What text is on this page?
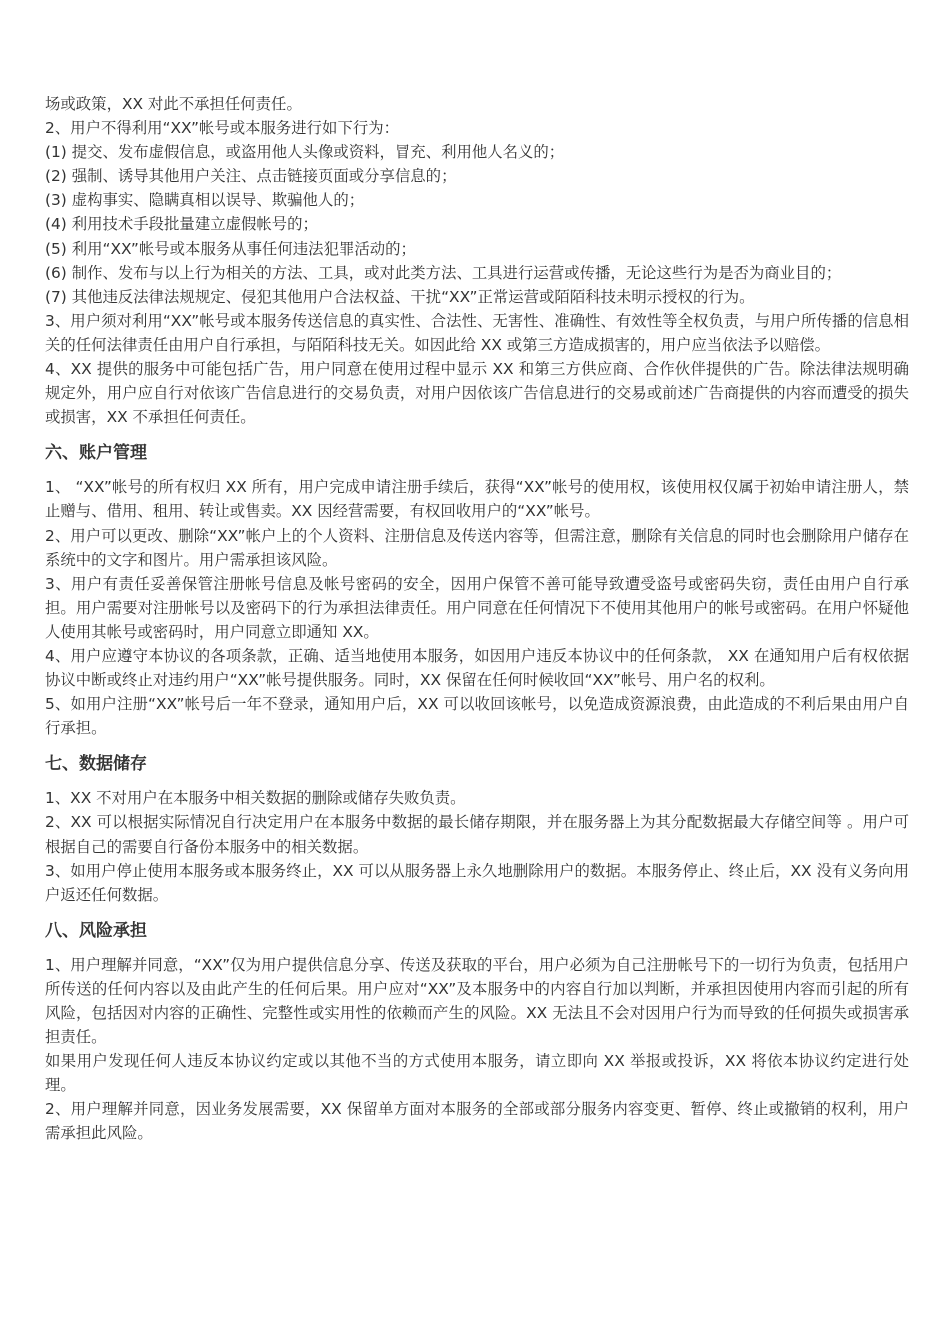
场或政策，XX 对此不承担任何责任。

2、用户不得利用“XX”帐号或本服务进行如下行为：

(1) 提交、发布虚假信息，或盗用他人头像或资料，冒充、利用他人名义的；

(2) 强制、诱导其他用户关注、点击链接页面或分享信息的；

(3) 虚构事实、隐瞒真相以误导、欺骗他人的；

(4) 利用技术手段批量建立虚假帐号的；

(5) 利用“XX”帐号或本服务从事任何违法犯罪活动的；

(6) 制作、发布与以上行为相关的方法、工具，或对此类方法、工具进行运营或传播，无论这些行为是否为商业目的；

(7) 其他违反法律法规规定、侵犯其他用户合法权益、干扰“XX”正常运营或陌陌科技未明示授权的行为。

3、用户须对利用“XX”帐号或本服务传送信息的真实性、合法性、无害性、准确性、有效性等全权负责，与用户所传播的信息相关的任何法律责任由用户自行承担，与陌陌科技无关。如因此给 XX 或第三方造成损害的，用户应当依法予以赔偿。

4、XX 提供的服务中可能包括广告，用户同意在使用过程中显示 XX 和第三方供应商、合作伙伴提供的广告。除法律法规明确规定外，用户应自行对依该广告信息进行的交易负责，对用户因依该广告信息进行的交易或前述广告商提供的内容而遭受的损失或损害，XX 不承担任何责任。

六、账户管理

1、 “XX”帐号的所有权归 XX 所有，用户完成申请注册手续后，获得“XX”帐号的使用权，该使用权仅属于初始申请注册人，禁止赠与、借用、租用、转让或售卖。XX 因经营需要，有权回收用户的“XX”帐号。

2、用户可以更改、删除“XX”帐户上的个人资料、注册信息及传送内容等，但需注意，删除有关信息的同时也会删除用户储存在系统中的文字和图片。用户需承担该风险。

3、用户有责任妥善保管注册帐号信息及帐号密码的安全，因用户保管不善可能导致遭受盗号或密码失窃，责任由用户自行承担。用户需要对注册帐号以及密码下的行为承担法律责任。用户同意在任何情况下不使用其他用户的帐号或密码。在用户怀疑他人使用其帐号或密码时，用户同意立即通知 XX。

4、用户应遵守本协议的各项条款，正确、适当地使用本服务，如因用户违反本协议中的任何条款， XX 在通知用户后有权依据协议中断或终止对违约用户“XX”帐号提供服务。同时，XX 保留在任何时候收回“XX”帐号、用户名的权利。

5、如用户注册“XX”帐号后一年不登录，通知用户后，XX 可以收回该帐号，以免造成资源浪费，由此造成的不利后果由用户自行承担。

七、数据储存

1、XX 不对用户在本服务中相关数据的删除或储存失败负责。

2、XX 可以根据实际情况自行决定用户在本服务中数据的最长储存期限，并在服务器上为其分配数据最大存储空间等 。用户可根据自己的需要自行备份本服务中的相关数据。

3、如用户停止使用本服务或本服务终止，XX 可以从服务器上永久地删除用户的数据。本服务停止、终止后，XX 没有义务向用户返还任何数据。

八、风险承担

1、用户理解并同意，“XX”仅为用户提供信息分享、传送及获取的平台，用户必须为自己注册帐号下的一切行为负责，包括用户所传送的任何内容以及由此产生的任何后果。用户应对“XX”及本服务中的内容自行加以判断，并承担因使用内容而引起的所有风险，包括因对内容的正确性、完整性或实用性的依赖而产生的风险。XX 无法且不会对因用户行为而导致的任何损失或损害承担责任。

如果用户发现任何人违反本协议约定或以其他不当的方式使用本服务，请立即向 XX 举报或投诉，XX 将依本协议约定进行处理。

2、用户理解并同意，因业务发展需要，XX 保留单方面对本服务的全部或部分服务内容变更、暂停、终止或撤销的权利，用户需承担此风险。
